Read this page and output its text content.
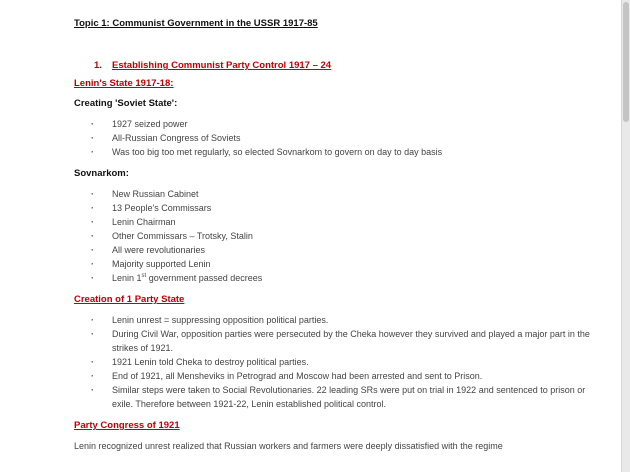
Topic 1: Communist Government in the USSR 1917-85
1.	Establishing Communist Party Control 1917 – 24
Lenin's State 1917-18:
Creating 'Soviet State':
· 1927 seized power
· All-Russian Congress of Soviets
· Was too big too met regularly, so elected Sovnarkom to govern on day to day basis
Sovnarkom:
· New Russian Cabinet
· 13 People's Commissars
· Lenin Chairman
· Other Commissars – Trotsky, Stalin
· All were revolutionaries
· Majority supported Lenin
· Lenin 1st government passed decrees
Creation of 1 Party State
· Lenin unrest = suppressing opposition political parties.
· During Civil War, opposition parties were persecuted by the Cheka however they survived and played a major part in the strikes of 1921.
· 1921 Lenin told Cheka to destroy political parties.
· End of 1921, all Mensheviks in Petrograd and Moscow had been arrested and sent to Prison.
· Similar steps were taken to Social Revolutionaries. 22 leading SRs were put on trial in 1922 and sentenced to prison or exile. Therefore between 1921-22, Lenin established political control.
Party Congress of 1921

Lenin recognized unrest realized that Russian workers and farmers were deeply dissatisfied with the regime
